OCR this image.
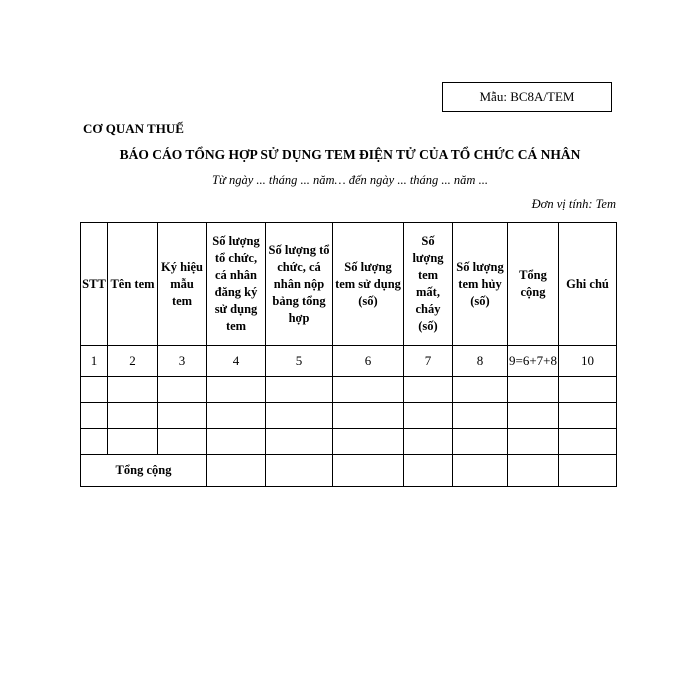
Mẫu: BC8A/TEM
CƠ QUAN THUẾ
BÁO CÁO TỔNG HỢP SỬ DỤNG TEM ĐIỆN TỬ CỦA TỔ CHỨC CÁ NHÂN
Từ ngày ... tháng ... năm… đến ngày ... tháng ... năm ...
Đơn vị tính: Tem
STT	Tên tem	Ký hiệu mẫu tem	Số lượng tổ chức, cá nhân đăng ký sử dụng tem	Số lượng tổ chức, cá nhân nộp bảng tổng hợp	Số lượng tem sử dụng (số)	Số lượng tem mất, cháy (số)	Số lượng tem hủy (số)	Tổng cộng	Ghi chú
1	2	3	4	5	6	7	8	9=6+7+8	10

Tổng cộng									
